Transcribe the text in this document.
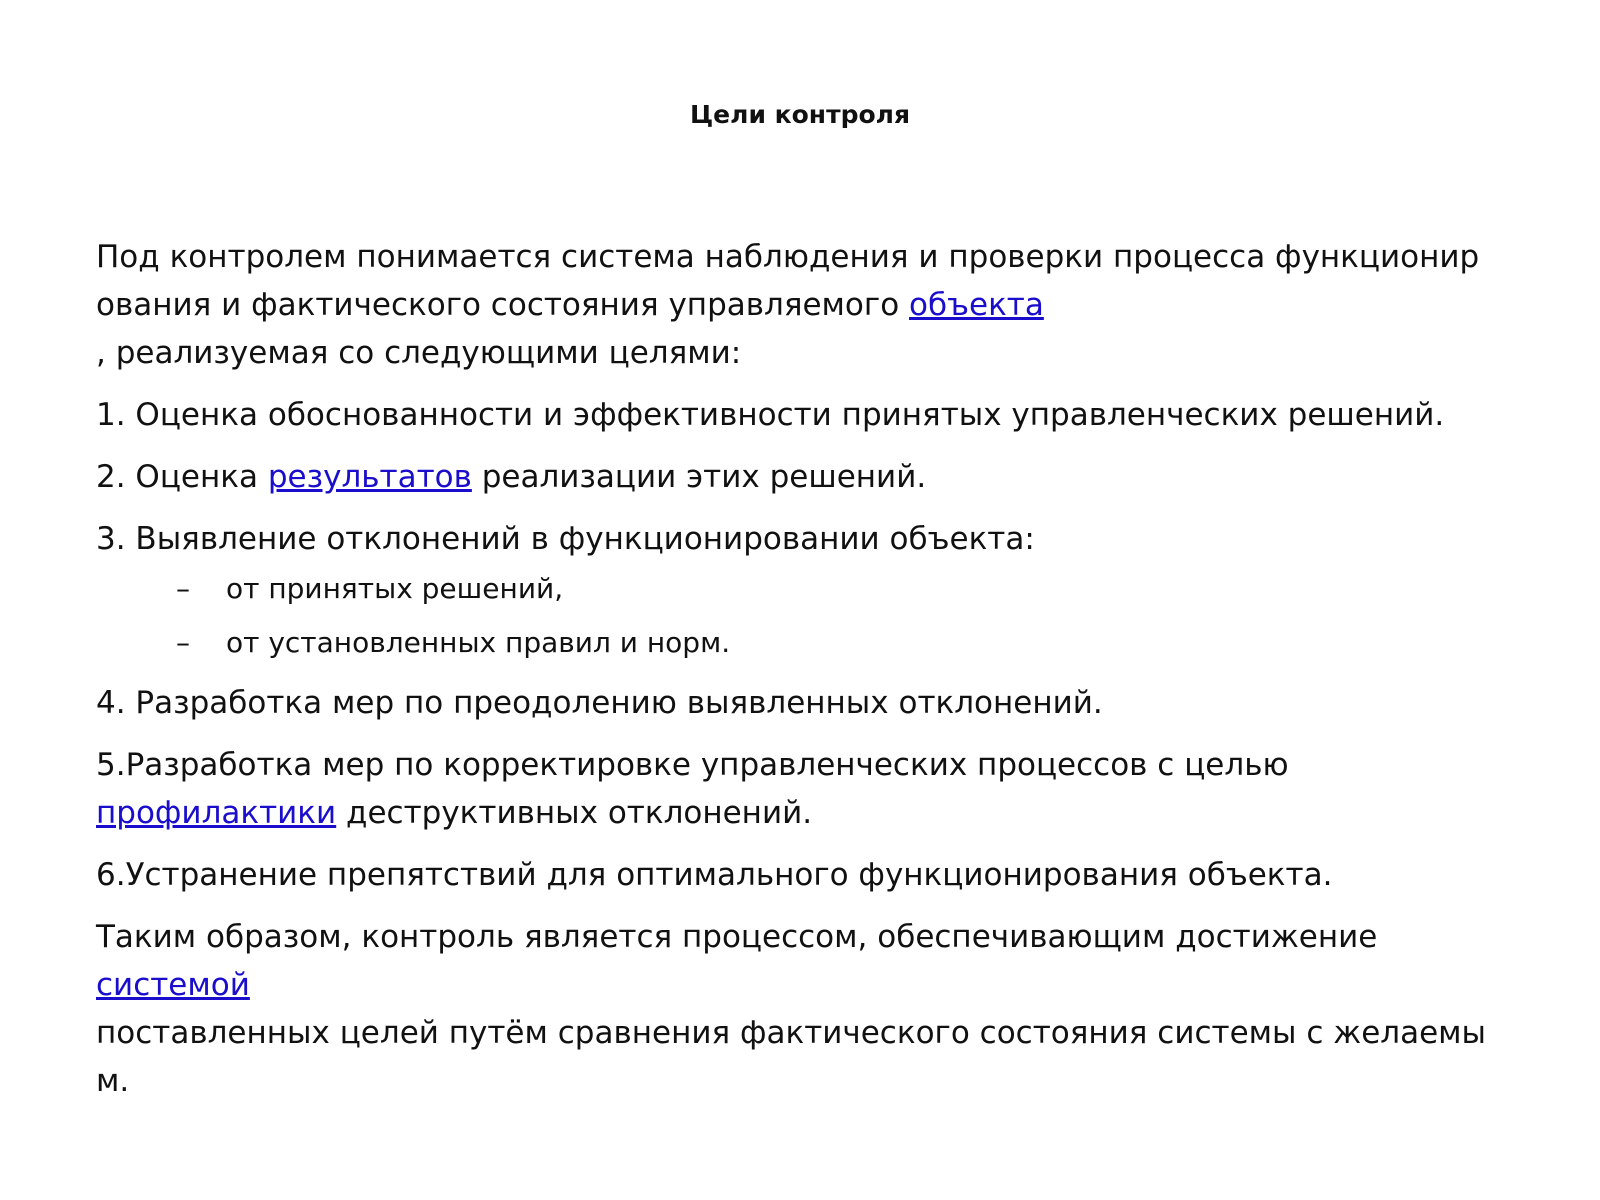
Цели контроля
Под контролем понимается система наблюдения и проверки процесса функционир
ования и фактического состояния управляемого объекта
, реализуемая со следующими целями:
1. Оценка обоснованности и эффективности принятых управленческих решений.
2. Оценка результатов реализации этих решений.
3. Выявление отклонений в функционировании объекта:
– от принятых решений,
– от установленных правил и норм.
4. Разработка мер по преодолению выявленных отклонений.
5.Разработка мер по корректировке управленческих процессов с целью
профилактики деструктивных отклонений.
6.Устранение препятствий для оптимального функционирования объекта.
Таким образом, контроль является процессом, обеспечивающим достижение
системой
поставленных целей путём сравнения фактического состояния системы с желаемы
м.
